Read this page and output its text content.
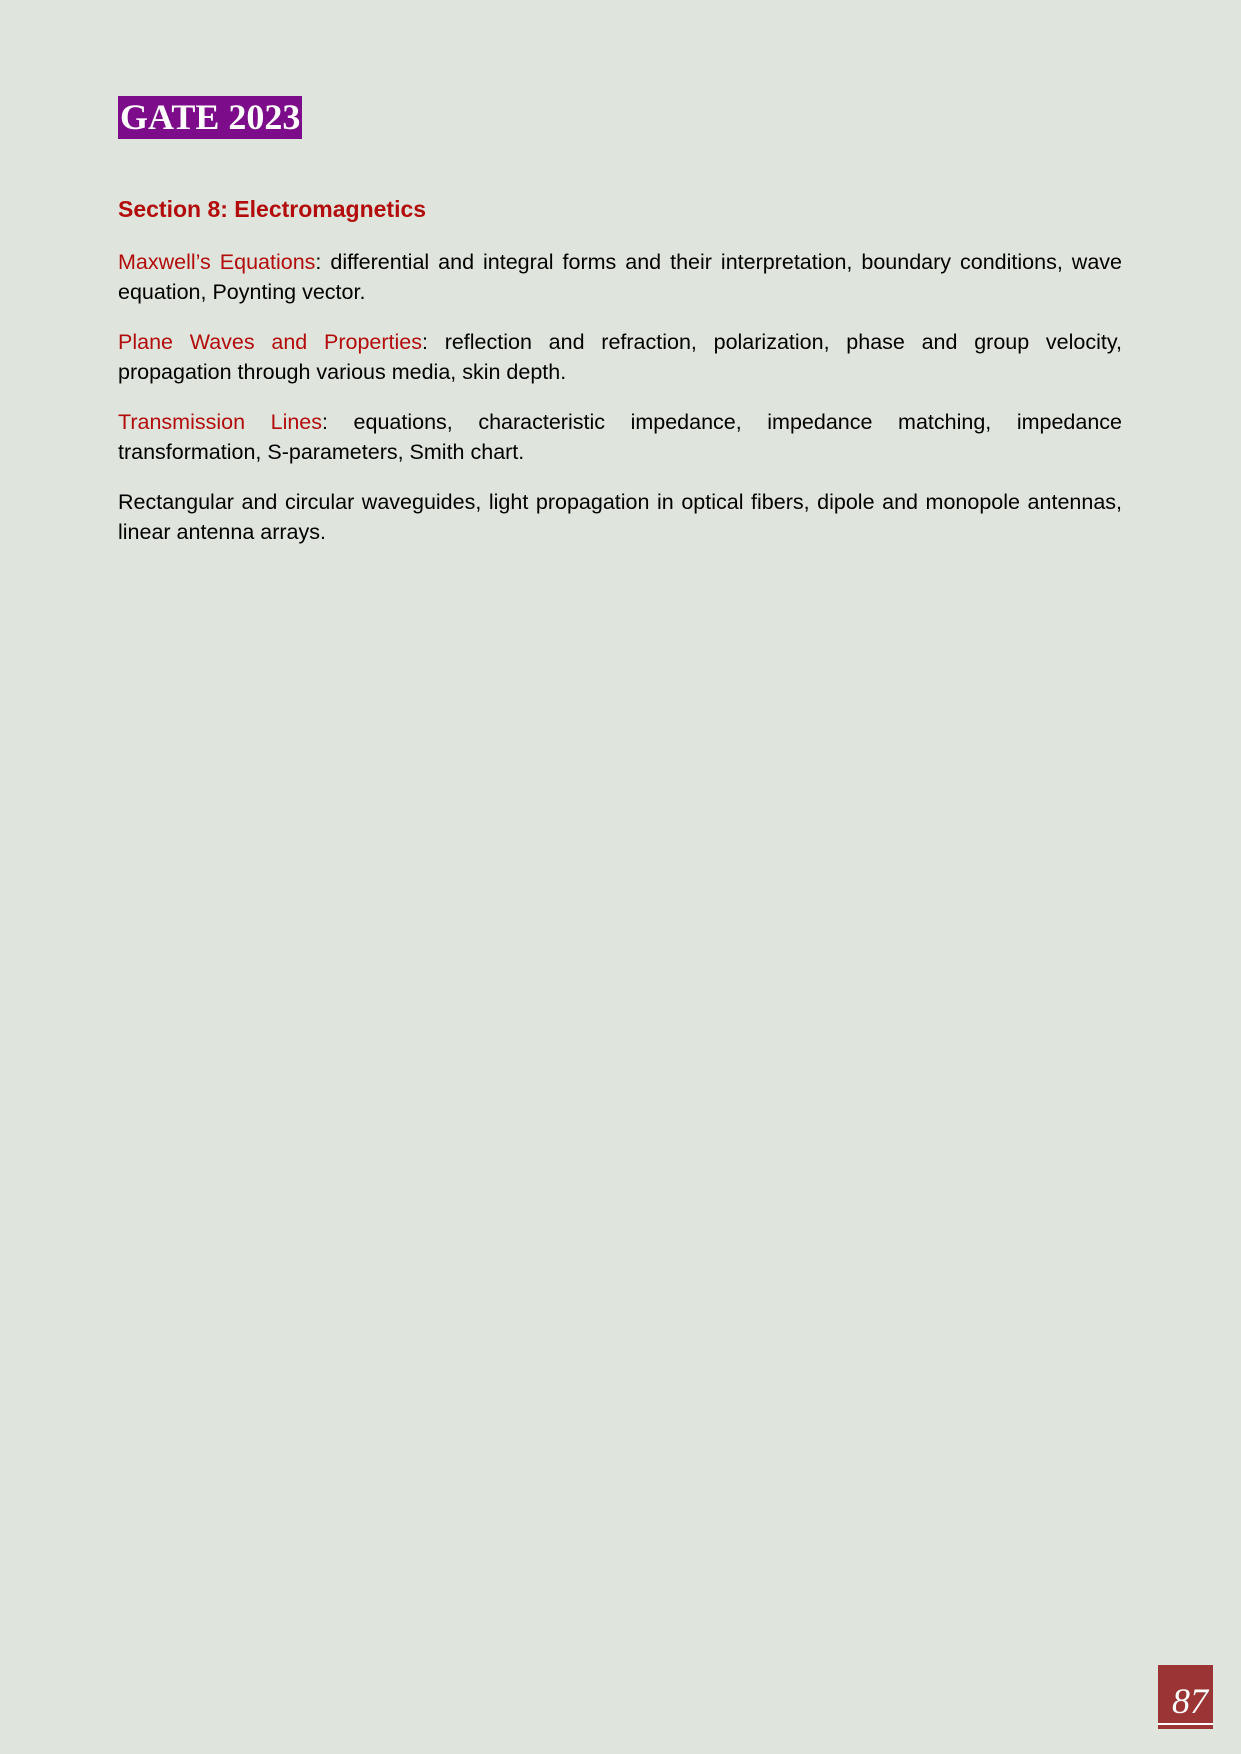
GATE 2023
Section 8: Electromagnetics

Maxwell’s Equations: differential and integral forms and their interpretation, boundary conditions, wave equation, Poynting vector.

Plane Waves and Properties: reflection and refraction, polarization, phase and group velocity, propagation through various media, skin depth.

Transmission Lines: equations, characteristic impedance, impedance matching, impedance transformation, S-parameters, Smith chart.

Rectangular and circular waveguides, light propagation in optical fibers, dipole and monopole antennas, linear antenna arrays.

87
